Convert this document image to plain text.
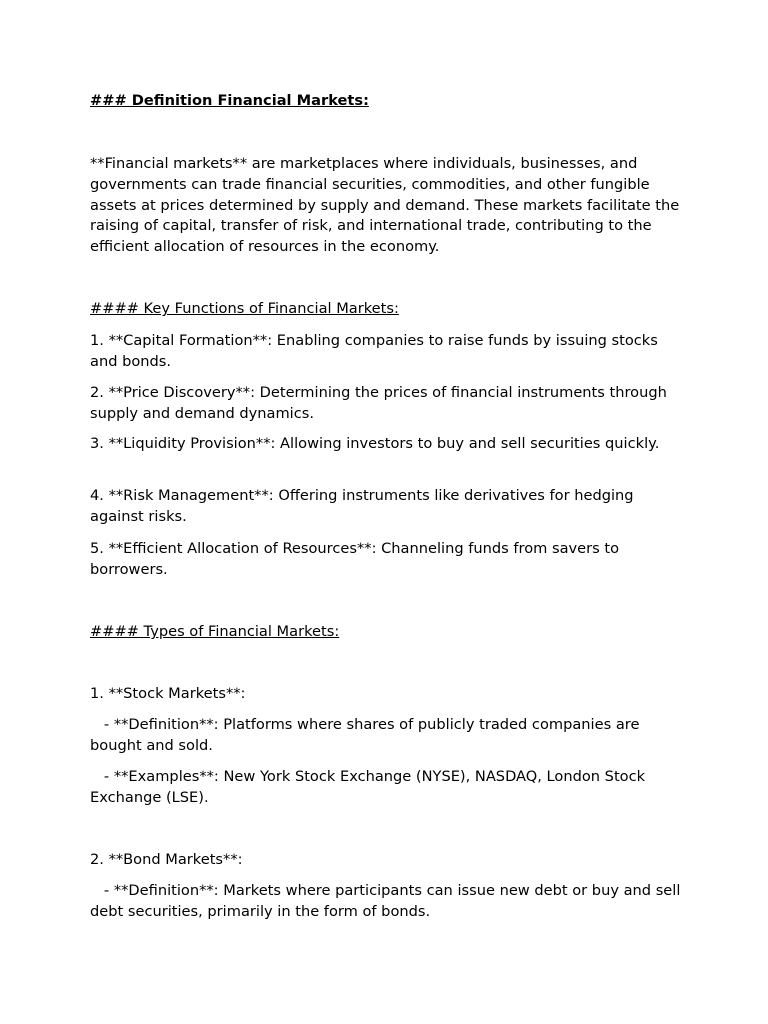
### Definition Financial Markets:
**Financial markets** are marketplaces where individuals, businesses, and governments can trade financial securities, commodities, and other fungible assets at prices determined by supply and demand. These markets facilitate the raising of capital, transfer of risk, and international trade, contributing to the efficient allocation of resources in the economy.
#### Key Functions of Financial Markets:
1. **Capital Formation**: Enabling companies to raise funds by issuing stocks and bonds.
2. **Price Discovery**: Determining the prices of financial instruments through supply and demand dynamics.
3. **Liquidity Provision**: Allowing investors to buy and sell securities quickly.
4. **Risk Management**: Offering instruments like derivatives for hedging against risks.
5. **Efficient Allocation of Resources**: Channeling funds from savers to borrowers.
#### Types of Financial Markets:
1. **Stock Markets**:
- **Definition**: Platforms where shares of publicly traded companies are bought and sold.
- **Examples**: New York Stock Exchange (NYSE), NASDAQ, London Stock Exchange (LSE).
2. **Bond Markets**:
- **Definition**: Markets where participants can issue new debt or buy and sell debt securities, primarily in the form of bonds.
